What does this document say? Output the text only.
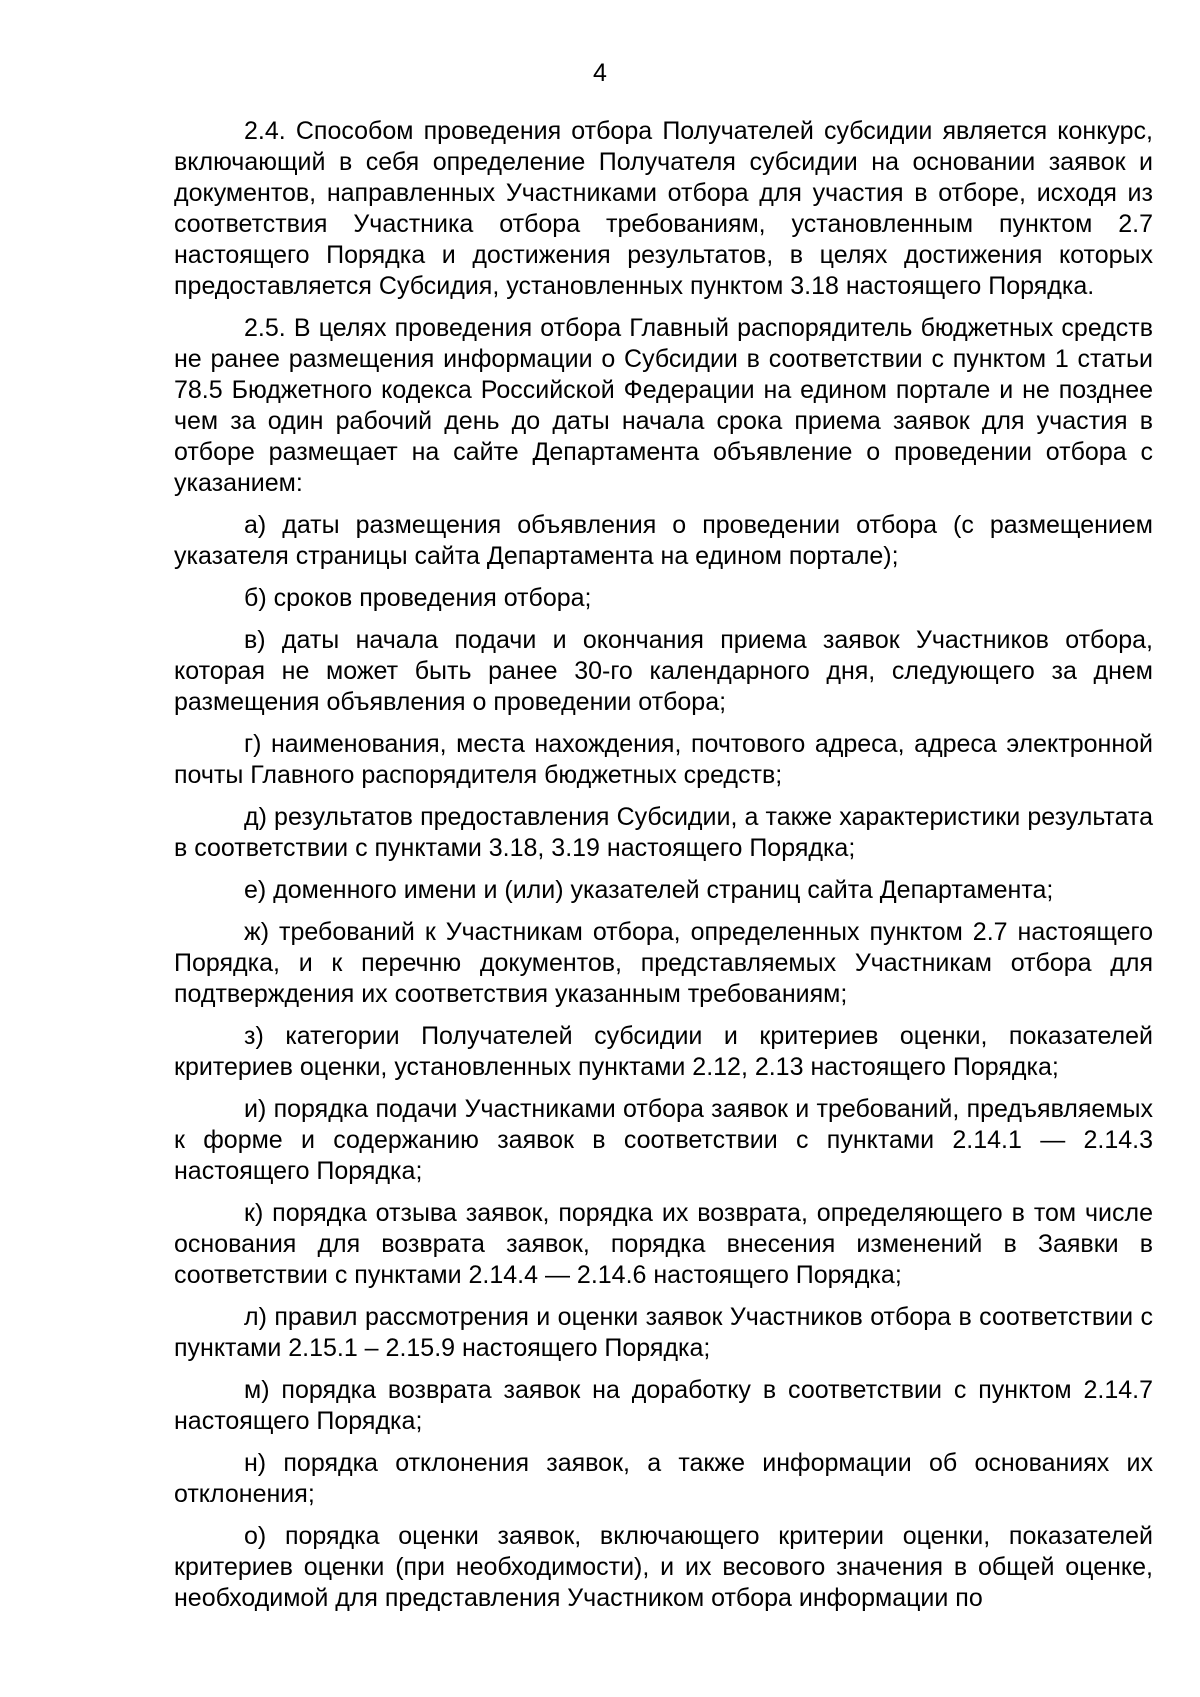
4

2.4. Способом проведения отбора Получателей субсидии является конкурс, включающий в себя определение Получателя субсидии на основании заявок и документов, направленных Участниками отбора для участия в отборе, исходя из соответствия Участника отбора требованиям, установленным пунктом 2.7 настоящего Порядка и достижения результатов, в целях достижения которых предоставляется Субсидия, установленных пунктом 3.18 настоящего Порядка.

2.5. В целях проведения отбора Главный распорядитель бюджетных средств не ранее размещения информации о Субсидии в соответствии с пунктом 1 статьи 78.5 Бюджетного кодекса Российской Федерации на едином портале и не позднее чем за один рабочий день до даты начала срока приема заявок для участия в отборе размещает на сайте Департамента объявление о проведении отбора с указанием:

а) даты размещения объявления о проведении отбора (с размещением указателя страницы сайта Департамента на едином портале);

б) сроков проведения отбора;

в) даты начала подачи и окончания приема заявок Участников отбора, которая не может быть ранее 30-го календарного дня, следующего за днем размещения объявления о проведении отбора;

г) наименования, места нахождения, почтового адреса, адреса электронной почты Главного распорядителя бюджетных средств;

д) результатов предоставления Субсидии, а также характеристики результата в соответствии с пунктами 3.18, 3.19 настоящего Порядка;

е) доменного имени и (или) указателей страниц сайта Департамента;

ж) требований к Участникам отбора, определенных пунктом 2.7 настоящего Порядка, и к перечню документов, представляемых Участникам отбора для подтверждения их соответствия указанным требованиям;

з) категории Получателей субсидии и критериев оценки, показателей критериев оценки, установленных пунктами 2.12, 2.13 настоящего Порядка;

и) порядка подачи Участниками отбора заявок и требований, предъявляемых к форме и содержанию заявок в соответствии с пунктами 2.14.1 — 2.14.3 настоящего Порядка;

к) порядка отзыва заявок, порядка их возврата, определяющего в том числе основания для возврата заявок, порядка внесения изменений в Заявки в соответствии с пунктами 2.14.4 — 2.14.6 настоящего Порядка;

л) правил рассмотрения и оценки заявок Участников отбора в соответствии с пунктами 2.15.1 – 2.15.9 настоящего Порядка;

м) порядка возврата заявок на доработку в соответствии с пунктом 2.14.7 настоящего Порядка;

н) порядка отклонения заявок, а также информации об основаниях их отклонения;

о) порядка оценки заявок, включающего критерии оценки, показателей критериев оценки (при необходимости), и их весового значения в общей оценке, необходимой для представления Участником отбора информации по
